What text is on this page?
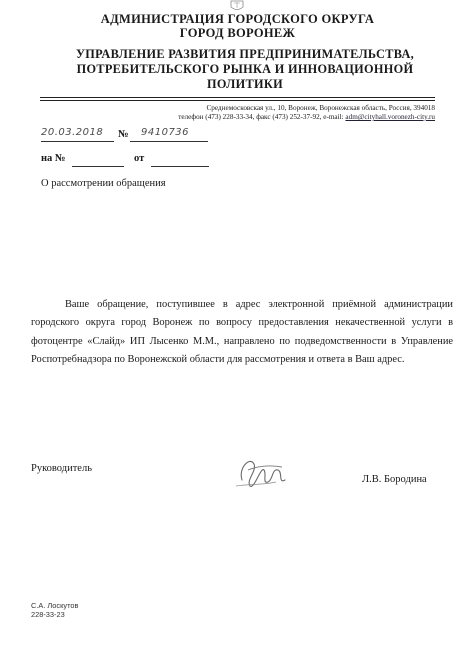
АДМИНИСТРАЦИЯ ГОРОДСКОГО ОКРУГА
ГОРОД ВОРОНЕЖ
УПРАВЛЕНИЕ РАЗВИТИЯ ПРЕДПРИНИМАТЕЛЬСТВА,
ПОТРЕБИТЕЛЬСКОГО РЫНКА И ИННОВАЦИОННОЙ
ПОЛИТИКИ
Среднемосковская ул., 10, Воронеж, Воронежская область, Россия, 394018
телефон (473) 228-33-34, факс (473) 252-37-92, e-mail: adm@cityhall.voronezh-city.ru
20.03.2018 № 9410736
на №	от
О рассмотрении обращения
Ваше обращение, поступившее в адрес электронной приёмной администрации городского округа город Воронеж по вопросу предоставления некачественной услуги в фотоцентре «Слайд» ИП Лысенко М.М., направлено по подведомственности в Управление Роспотребнадзора по Воронежской области для рассмотрения и ответа в Ваш адрес.
Руководитель
Л.В. Бородина
С.А. Лоскутов
228-33-23
